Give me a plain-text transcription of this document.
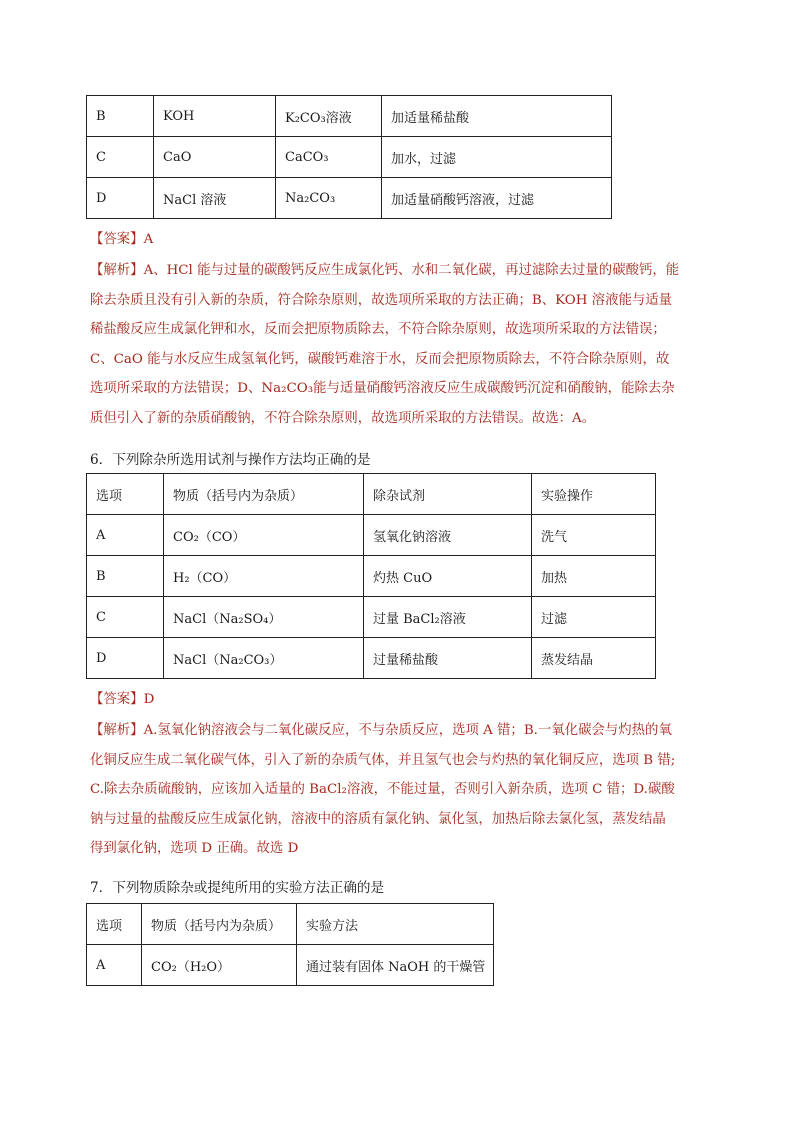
B	KOH	K₂CO₃溶液	加适量稀盐酸
C	CaO	CaCO₃	加水，过滤
D	NaCl 溶液	Na₂CO₃	加适量硝酸钙溶液，过滤
【答案】A
【解析】A、HCl 能与过量的碳酸钙反应生成氯化钙、水和二氧化碳，再过滤除去过量的碳酸钙，能
除去杂质且没有引入新的杂质，符合除杂原则，故选项所采取的方法正确；B、KOH 溶液能与适量
稀盐酸反应生成氯化钾和水，反而会把原物质除去，不符合除杂原则，故选项所采取的方法错误；
C、CaO 能与水反应生成氢氧化钙，碳酸钙难溶于水，反而会把原物质除去，不符合除杂原则，故
选项所采取的方法错误；D、Na₂CO₃能与适量硝酸钙溶液反应生成碳酸钙沉淀和硝酸钠，能除去杂
质但引入了新的杂质硝酸钠，不符合除杂原则，故选项所采取的方法错误。故选：A。
6．下列除杂所选用试剂与操作方法均正确的是
选项	物质（括号内为杂质）	除杂试剂	实验操作
A	CO₂（CO）	氢氧化钠溶液	洗气
B	H₂（CO）	灼热 CuO	加热
C	NaCl（Na₂SO₄）	过量 BaCl₂溶液	过滤
D	NaCl（Na₂CO₃）	过量稀盐酸	蒸发结晶
【答案】D
【解析】A.氢氧化钠溶液会与二氧化碳反应，不与杂质反应，选项 A 错；B.一氧化碳会与灼热的氧
化铜反应生成二氧化碳气体，引入了新的杂质气体，并且氢气也会与灼热的氧化铜反应，选项 B 错;
C.除去杂质硫酸钠，应该加入适量的 BaCl₂溶液，不能过量，否则引入新杂质，选项 C 错；D.碳酸
钠与过量的盐酸反应生成氯化钠，溶液中的溶质有氯化钠、氯化氢，加热后除去氯化氢，蒸发结晶
得到氯化钠，选项 D 正确。故选 D
7．下列物质除杂或提纯所用的实验方法正确的是
选项	物质（括号内为杂质）	实验方法
A	CO₂（H₂O）	通过装有固体 NaOH 的干燥管
